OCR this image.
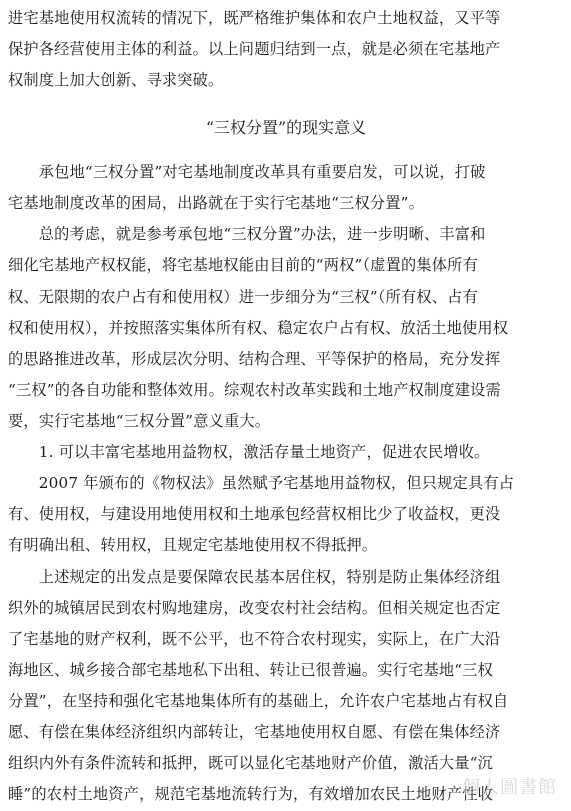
进宅基地使用权流转的情况下，既严格维护集体和农户土地权益，又平等
保护各经营使用主体的利益。以上问题归结到一点，就是必须在宅基地产
权制度上加大创新、寻求突破。
“三权分置”的现实意义
　　承包地“三权分置”对宅基地制度改革具有重要启发，可以说，打破
宅基地制度改革的困局，出路就在于实行宅基地“三权分置”。
　　总的考虑，就是参考承包地“三权分置”办法，进一步明晰、丰富和
细化宅基地产权权能，将宅基地权能由目前的“两权”（虚置的集体所有
权、无限期的农户占有和使用权）进一步细分为“三权”（所有权、占有
权和使用权），并按照落实集体所有权、稳定农户占有权、放活土地使用权
的思路推进改革，形成层次分明、结构合理、平等保护的格局，充分发挥
“三权”的各自功能和整体效用。综观农村改革实践和土地产权制度建设需
要，实行宅基地“三权分置”意义重大。
　　1. 可以丰富宅基地用益物权，激活存量土地资产，促进农民增收。
　　2007 年颁布的《物权法》虽然赋予宅基地用益物权，但只规定具有占
有、使用权，与建设用地使用权和土地承包经营权相比少了收益权，更没
有明确出租、转用权，且规定宅基地使用权不得抵押。
　　上述规定的出发点是要保障农民基本居住权，特别是防止集体经济组
织外的城镇居民到农村购地建房，改变农村社会结构。但相关规定也否定
了宅基地的财产权利，既不公平，也不符合农村现实，实际上，在广大沿
海地区、城乡接合部宅基地私下出租、转让已很普遍。实行宅基地“三权
分置”，在坚持和强化宅基地集体所有的基础上，允许农户宅基地占有权自
愿、有偿在集体经济组织内部转让，宅基地使用权自愿、有偿在集体经济
组织内外有条件流转和抵押，既可以显化宅基地财产价值，激活大量“沉
睡”的农村土地资产，规范宅基地流转行为，有效增加农民土地财产性收
個人圖書館
